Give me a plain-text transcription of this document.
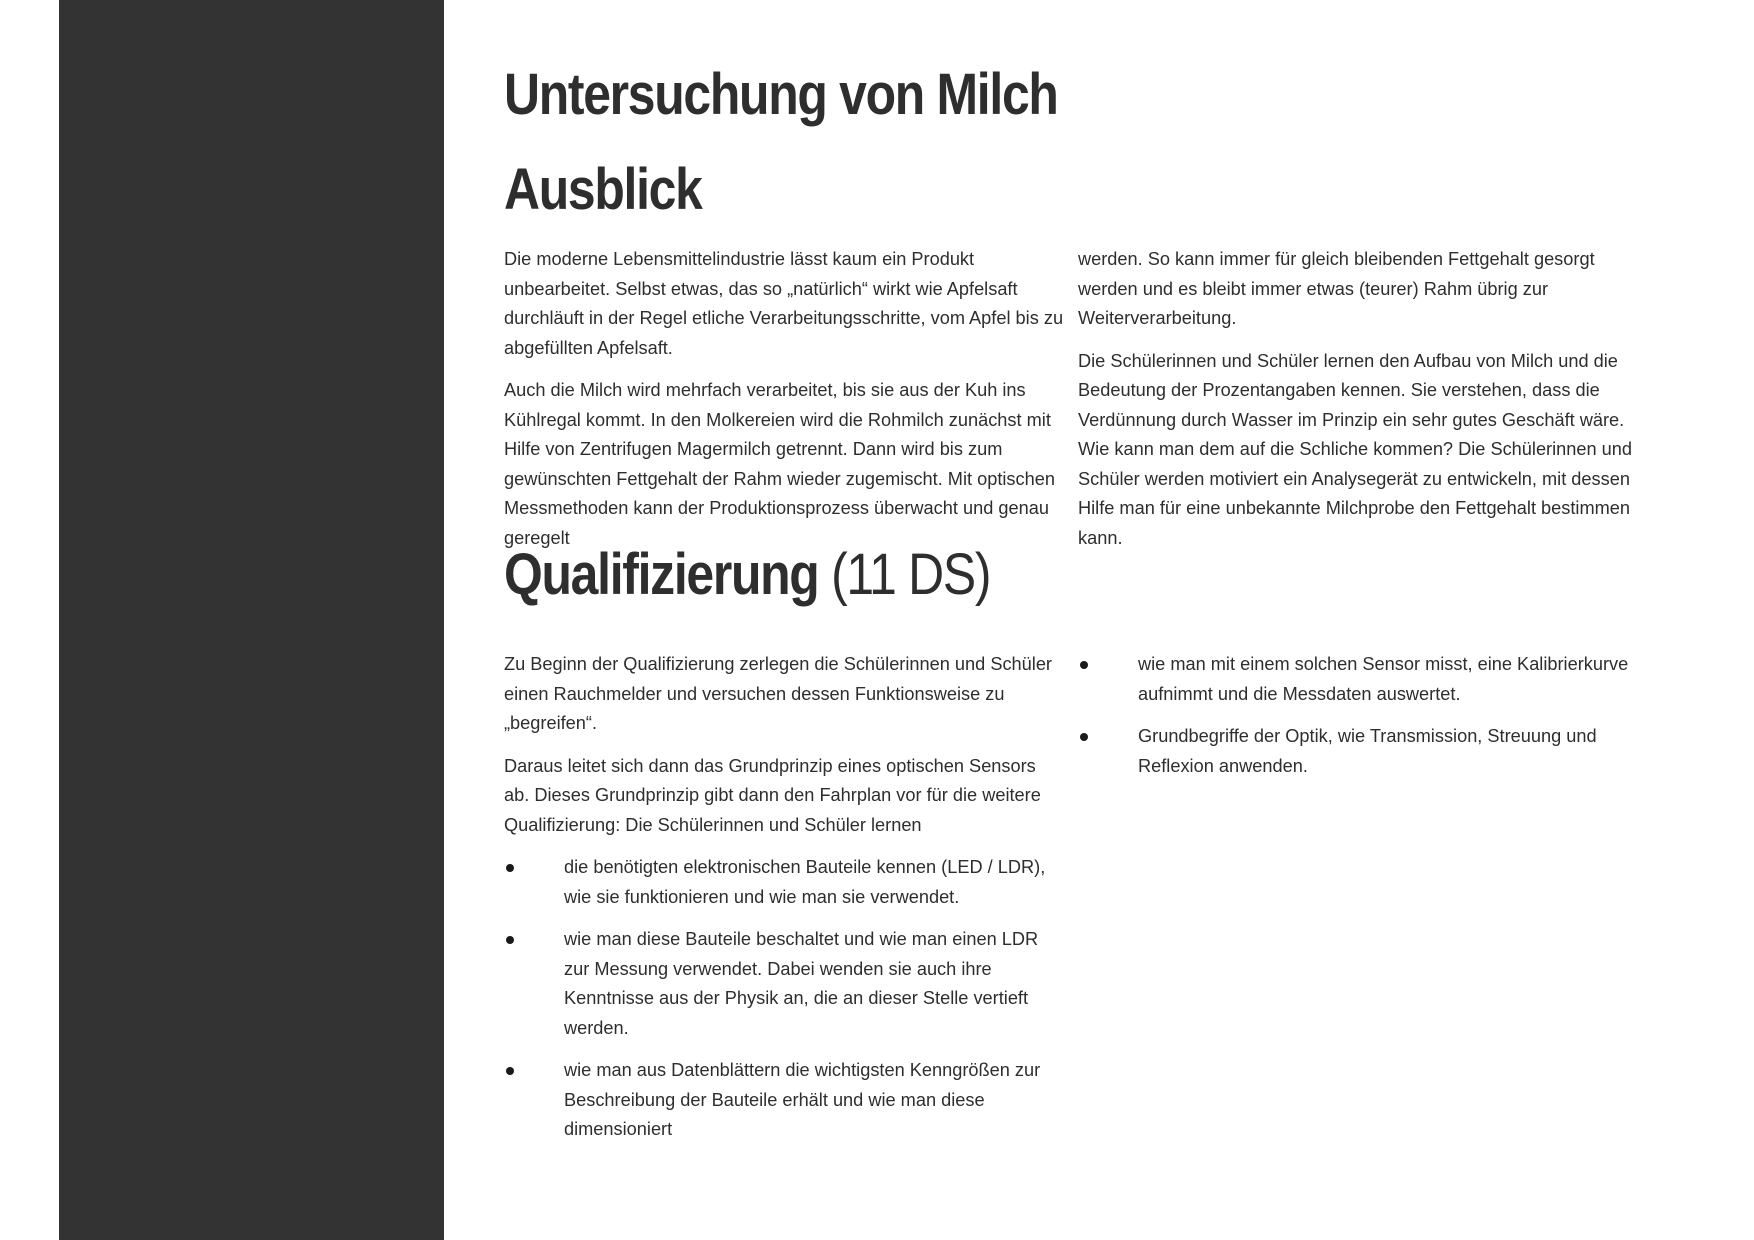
Untersuchung von Milch
Ausblick

Die moderne Lebensmittelindustrie lässt kaum ein Produkt unbearbeitet. Selbst etwas, das so „natürlich“ wirkt wie Apfelsaft durchläuft in der Regel etliche Verarbeitungsschritte, vom Apfel bis zu abgefüllten Apfelsaft.

Auch die Milch wird mehrfach verarbeitet, bis sie aus der Kuh ins Kühlregal kommt. In den Molkereien wird die Rohmilch zunächst mit Hilfe von Zentrifugen Magermilch getrennt. Dann wird bis zum gewünschten Fettgehalt der Rahm wieder zugemischt. Mit optischen Messmethoden kann der Produktionsprozess überwacht und genau geregelt

werden. So kann immer für gleich bleibenden Fettgehalt gesorgt werden und es bleibt immer etwas (teurer) Rahm übrig zur Weiterverarbeitung.

Die Schülerinnen und Schüler lernen den Aufbau von Milch und die Bedeutung der Prozentangaben kennen. Sie verstehen, dass die Verdünnung durch Wasser im Prinzip ein sehr gutes Geschäft wäre. Wie kann man dem auf die Schliche kommen? Die Schülerinnen und Schüler werden motiviert ein Analysegerät zu entwickeln, mit dessen Hilfe man für eine unbekannte Milchprobe den Fettgehalt bestimmen kann.

Qualifizierung (11 DS)

Zu Beginn der Qualifizierung zerlegen die Schülerinnen und Schüler einen Rauchmelder und versuchen dessen Funktionsweise zu „begreifen“.

Daraus leitet sich dann das Grundprinzip eines optischen Sensors ab. Dieses Grundprinzip gibt dann den Fahrplan vor für die weitere Qualifizierung: Die Schülerinnen und Schüler lernen

die benötigten elektronischen Bauteile kennen (LED / LDR), wie sie funktionieren und wie man sie verwendet.
wie man diese Bauteile beschaltet und wie man einen LDR zur Messung verwendet. Dabei wenden sie auch ihre Kenntnisse aus der Physik an, die an dieser Stelle vertieft werden.
wie man aus Datenblättern die wichtigsten Kenngrößen zur Beschreibung der Bauteile erhält und wie man diese dimensioniert
wie man mit einem solchen Sensor misst, eine Kalibrierkurve aufnimmt und die Messdaten auswertet.
Grundbegriffe der Optik, wie Transmission, Streuung und Reflexion anwenden.
